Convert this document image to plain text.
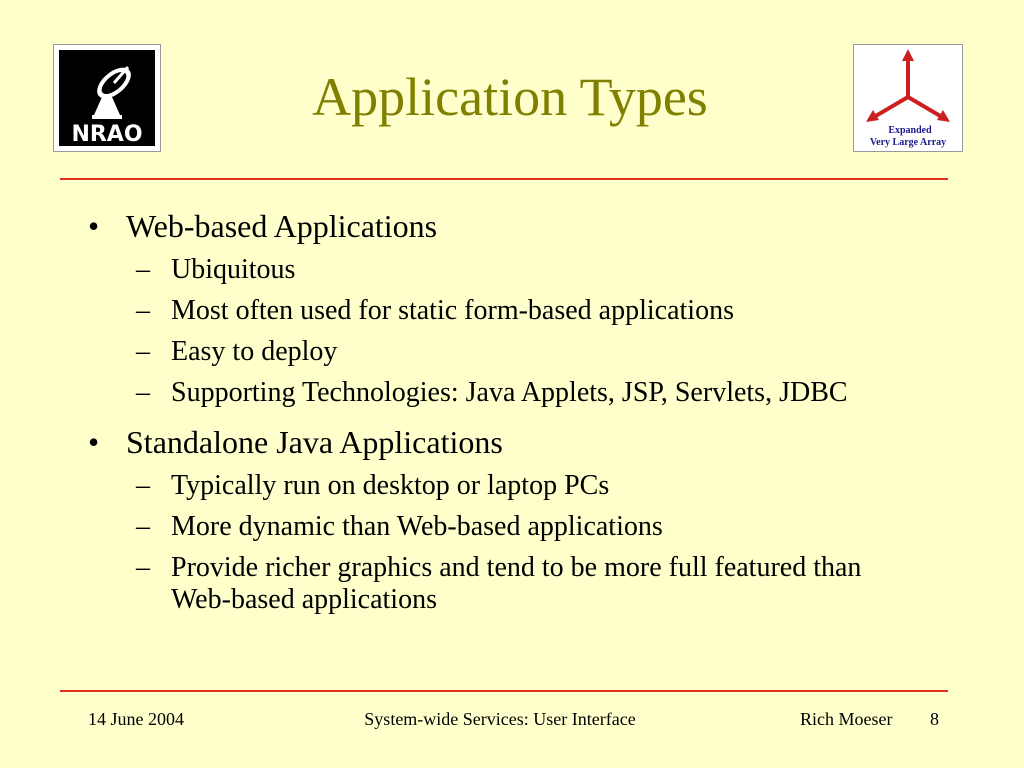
NRAO
Application Types
Expanded
Very Large Array
• Web-based Applications
– Ubiquitous
– Most often used for static form-based applications
– Easy to deploy
– Supporting Technologies: Java Applets, JSP, Servlets, JDBC
• Standalone Java Applications
– Typically run on desktop or laptop PCs
– More dynamic than Web-based applications
– Provide richer graphics and tend to be more full featured than Web-based applications
14 June 2004	System-wide Services: User Interface	Rich Moeser 8
